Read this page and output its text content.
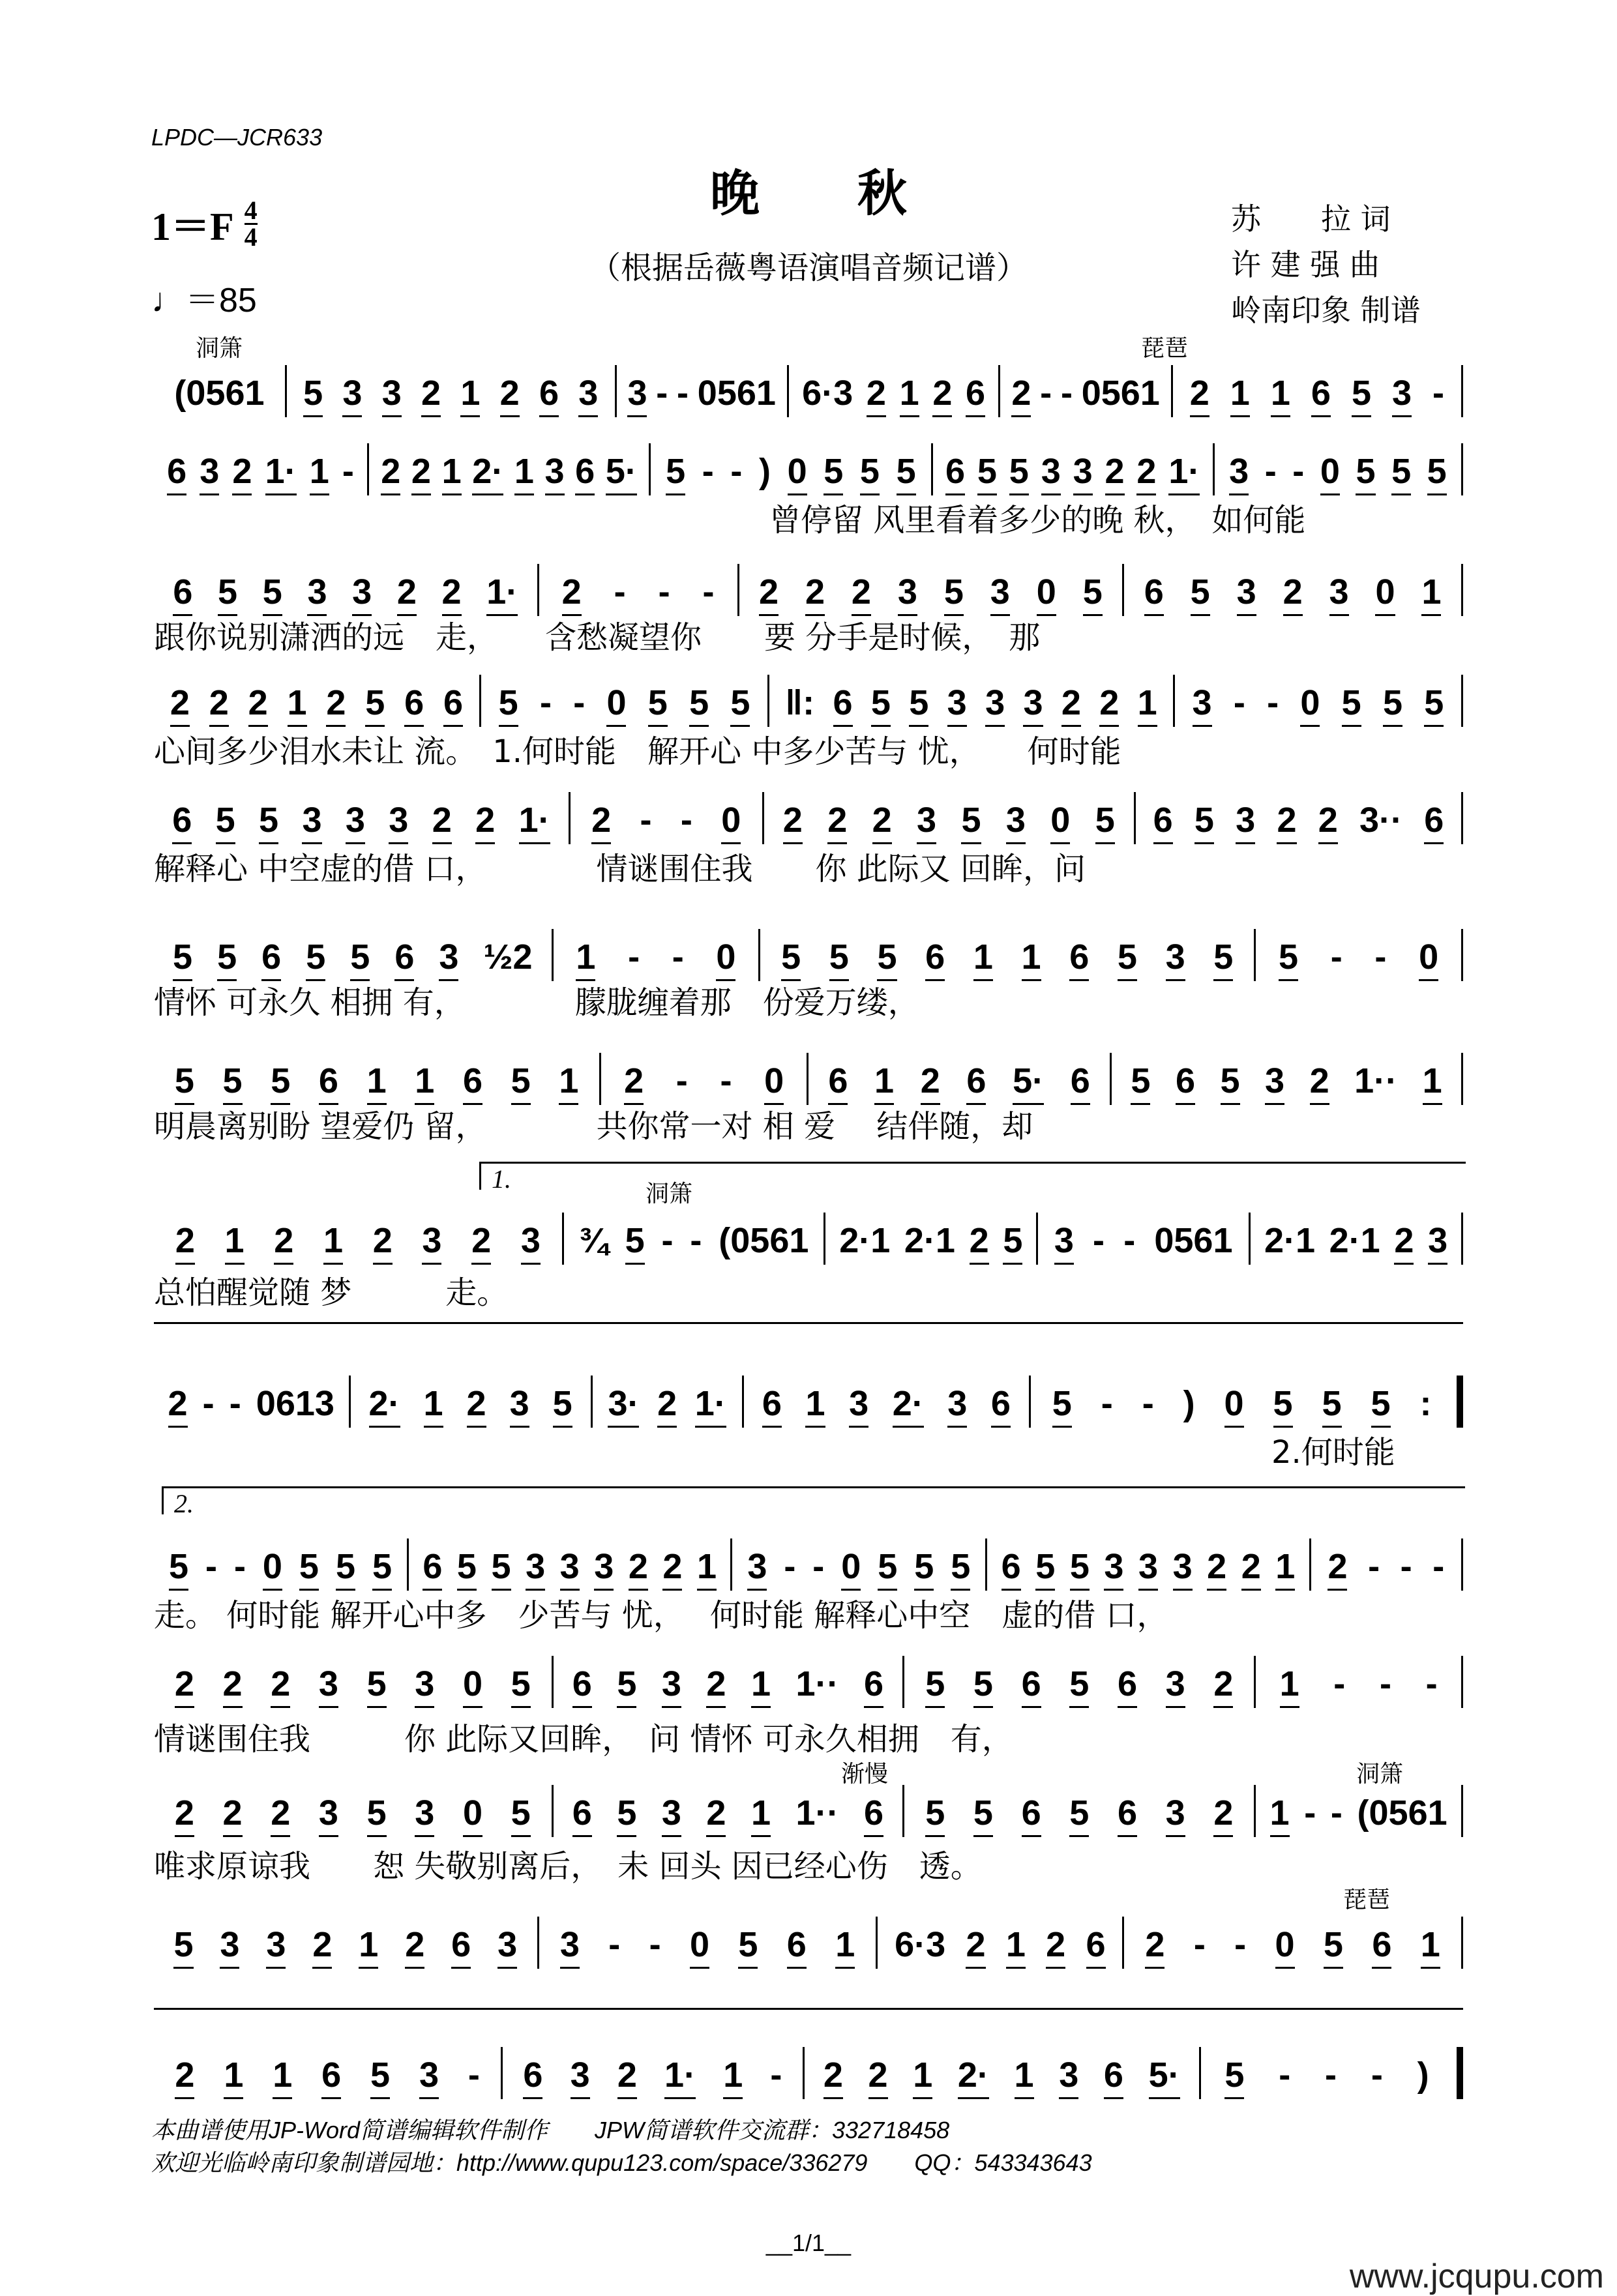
LPDC—JCR633
晚秋
（根据岳薇粤语演唱音频记谱）
$1=F \frac{4}{4}$
♩＝85
苏　　拉 词
许 建 强 曲
岭南印象 制谱
(0561 5 3 3 2 1 2 6 3 3 - - 0561 6·3 2 1 2 6 2 - - 0561 2 1 1 6 5 3 -
6 3 2 1· 1 - 2 2 1 2· 1 3 6 5· 5 - - ) 0 5 5 5 6 5 5 3 3 2 2 1· 3 - - 0 5 5 5
曾停留 风里看着多少的晚 秋，　如何能
6 5 5 3 3 2 2 1· 2 - - - 2 2 2 3 5 3 0 5 6 5 3 2 3 0 1
跟你说别潇洒的远　走，　　含愁凝望你　　要 分手是时候，　那
2 2 2 1 2 5 6 6 5 - - 0 5 5 5 ‖: 6 5 5 3 3 3 2 2 1 3 - - 0 5 5 5
心间多少泪水未让 流。　1.何时能　解开心 中多少苦与 忧，　　何时能
6 5 5 3 3 3 2 2 1· 2 - - 0 2 2 2 3 5 3 0 5 6 5 3 2 2 3·· 6
解释心 中空虚的借 口，　　　　情谜围住我　　你 此际又 回眸，问
5 5 6 5 5 6 3 ½2 1 - - 0 5 5 5 6 1 1 6 5 3 5 5 - - 0
情怀 可永久 相拥 有，　　　　朦胧缠着那　份爱万缕，
5 5 5 6 1 1 6 5 1 2 - - 0 6 1 2 6 5· 6 5 6 5 3 2 1·· 1
明晨离别盼 望爱仍 留，　　　　共你常一对 相 爱　 结伴随，却
2 1 2 1 2 3 2 3 ¾ 5 - - (0561 2·1 2·1 2 5 3 - - 0561 2·1 2·1 2 3
总怕醒觉随 梦　　　走。
2 - - 0613 2· 1 2 3 5 3· 2 1· 6 1 3 2· 3 6 5 - - ) 0 5 5 5 :
2.何时能
5 - - 0 5 5 5 6 5 5 3 3 3 2 2 1 3 - - 0 5 5 5 6 5 5 3 3 3 2 2 1 2 - - -
走。 何时能 解开心中多　少苦与 忧，　 何时能 解释心中空　虚的借 口，
2 2 2 3 5 3 0 5 6 5 3 2 1 1·· 6 5 5 6 5 6 3 2 1 - - -
情谜围住我　　　你 此际又回眸，　问 情怀 可永久相拥　有，
2 2 2 3 5 3 0 5 6 5 3 2 1 1·· 6 5 5 6 5 6 3 2 1 - - (0561
唯求原谅我　　恕 失敬别离后，　未 回头 因已经心伤　透。
5 3 3 2 1 2 6 3 3 - - 0 5 6 1 6·3 2 1 2 6 2 - - 0 5 6 1
2 1 1 6 5 3 - 6 3 2 1· 1 - 2 2 1 2· 1 3 6 5· 5 - - - )
洞箫	琵琶
洞箫
渐慢	洞箫
琵琶
1.
2.
本曲谱使用JP-Word简谱编辑软件制作　　JPW简谱软件交流群：332718458
欢迎光临岭南印象制谱园地：http://www.qupu123.com/space/336279　　QQ：543343643
__1/1__
www.jcqupu.com
